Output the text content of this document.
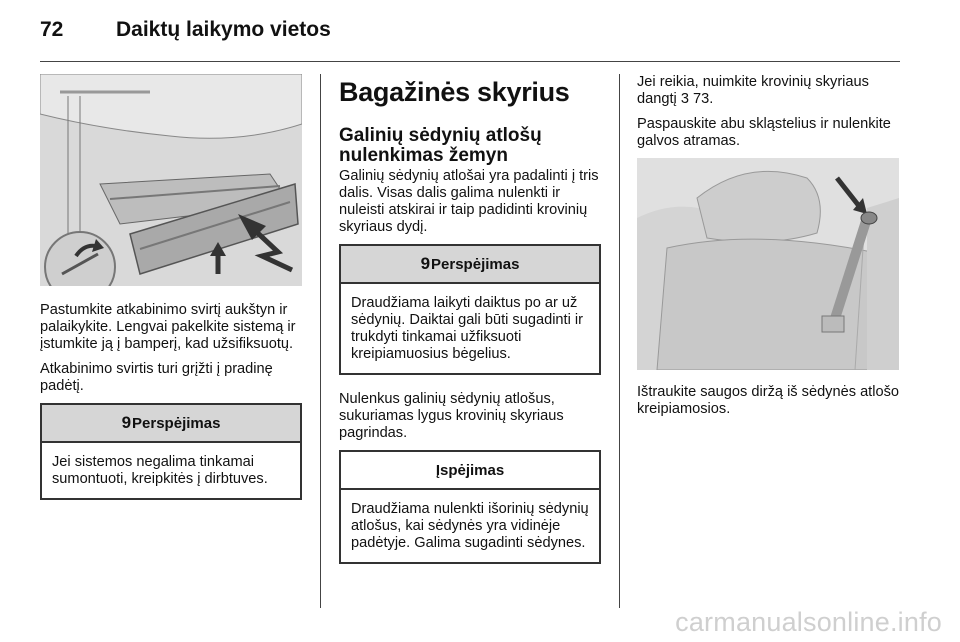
72	Daiktų laikymo vietos

Pastumkite atkabinimo svirtį aukštyn ir palaikykite. Lengvai pakelkite sistemą ir įstumkite ją į bamperį, kad užsifiksuotų.

Atkabinimo svirtis turi grįžti į pradinę padėtį.

9 Perspėjimas
Jei sistemos negalima tinkamai sumontuoti, kreipkitės į dirbtuves.
Bagažinės skyrius
Galinių sėdynių atlošų nulenkimas žemyn

Galinių sėdynių atlošai yra padalinti į tris dalis. Visas dalis galima nulenkti ir nuleisti atskirai ir taip padidinti krovinių skyriaus dydį.

9 Perspėjimas
Draudžiama laikyti daiktus po ar už sėdynių. Daiktai gali būti sugadinti ir trukdyti tinkamai užfiksuoti kreipiamuosius bėgelius.

Nulenkus galinių sėdynių atlošus, sukuriamas lygus krovinių skyriaus pagrindas.

Įspėjimas
Draudžiama nulenkti išorinių sėdynių atlošus, kai sėdynės yra vidinėje padėtyje. Galima sugadinti sėdynes.

Jei reikia, nuimkite krovinių skyriaus dangtį 3 73.

Paspauskite abu skląstelius ir nulenkite galvos atramas.

Ištraukite saugos diržą iš sėdynės atlošo kreipiamosios.

carmanualsonline.info
